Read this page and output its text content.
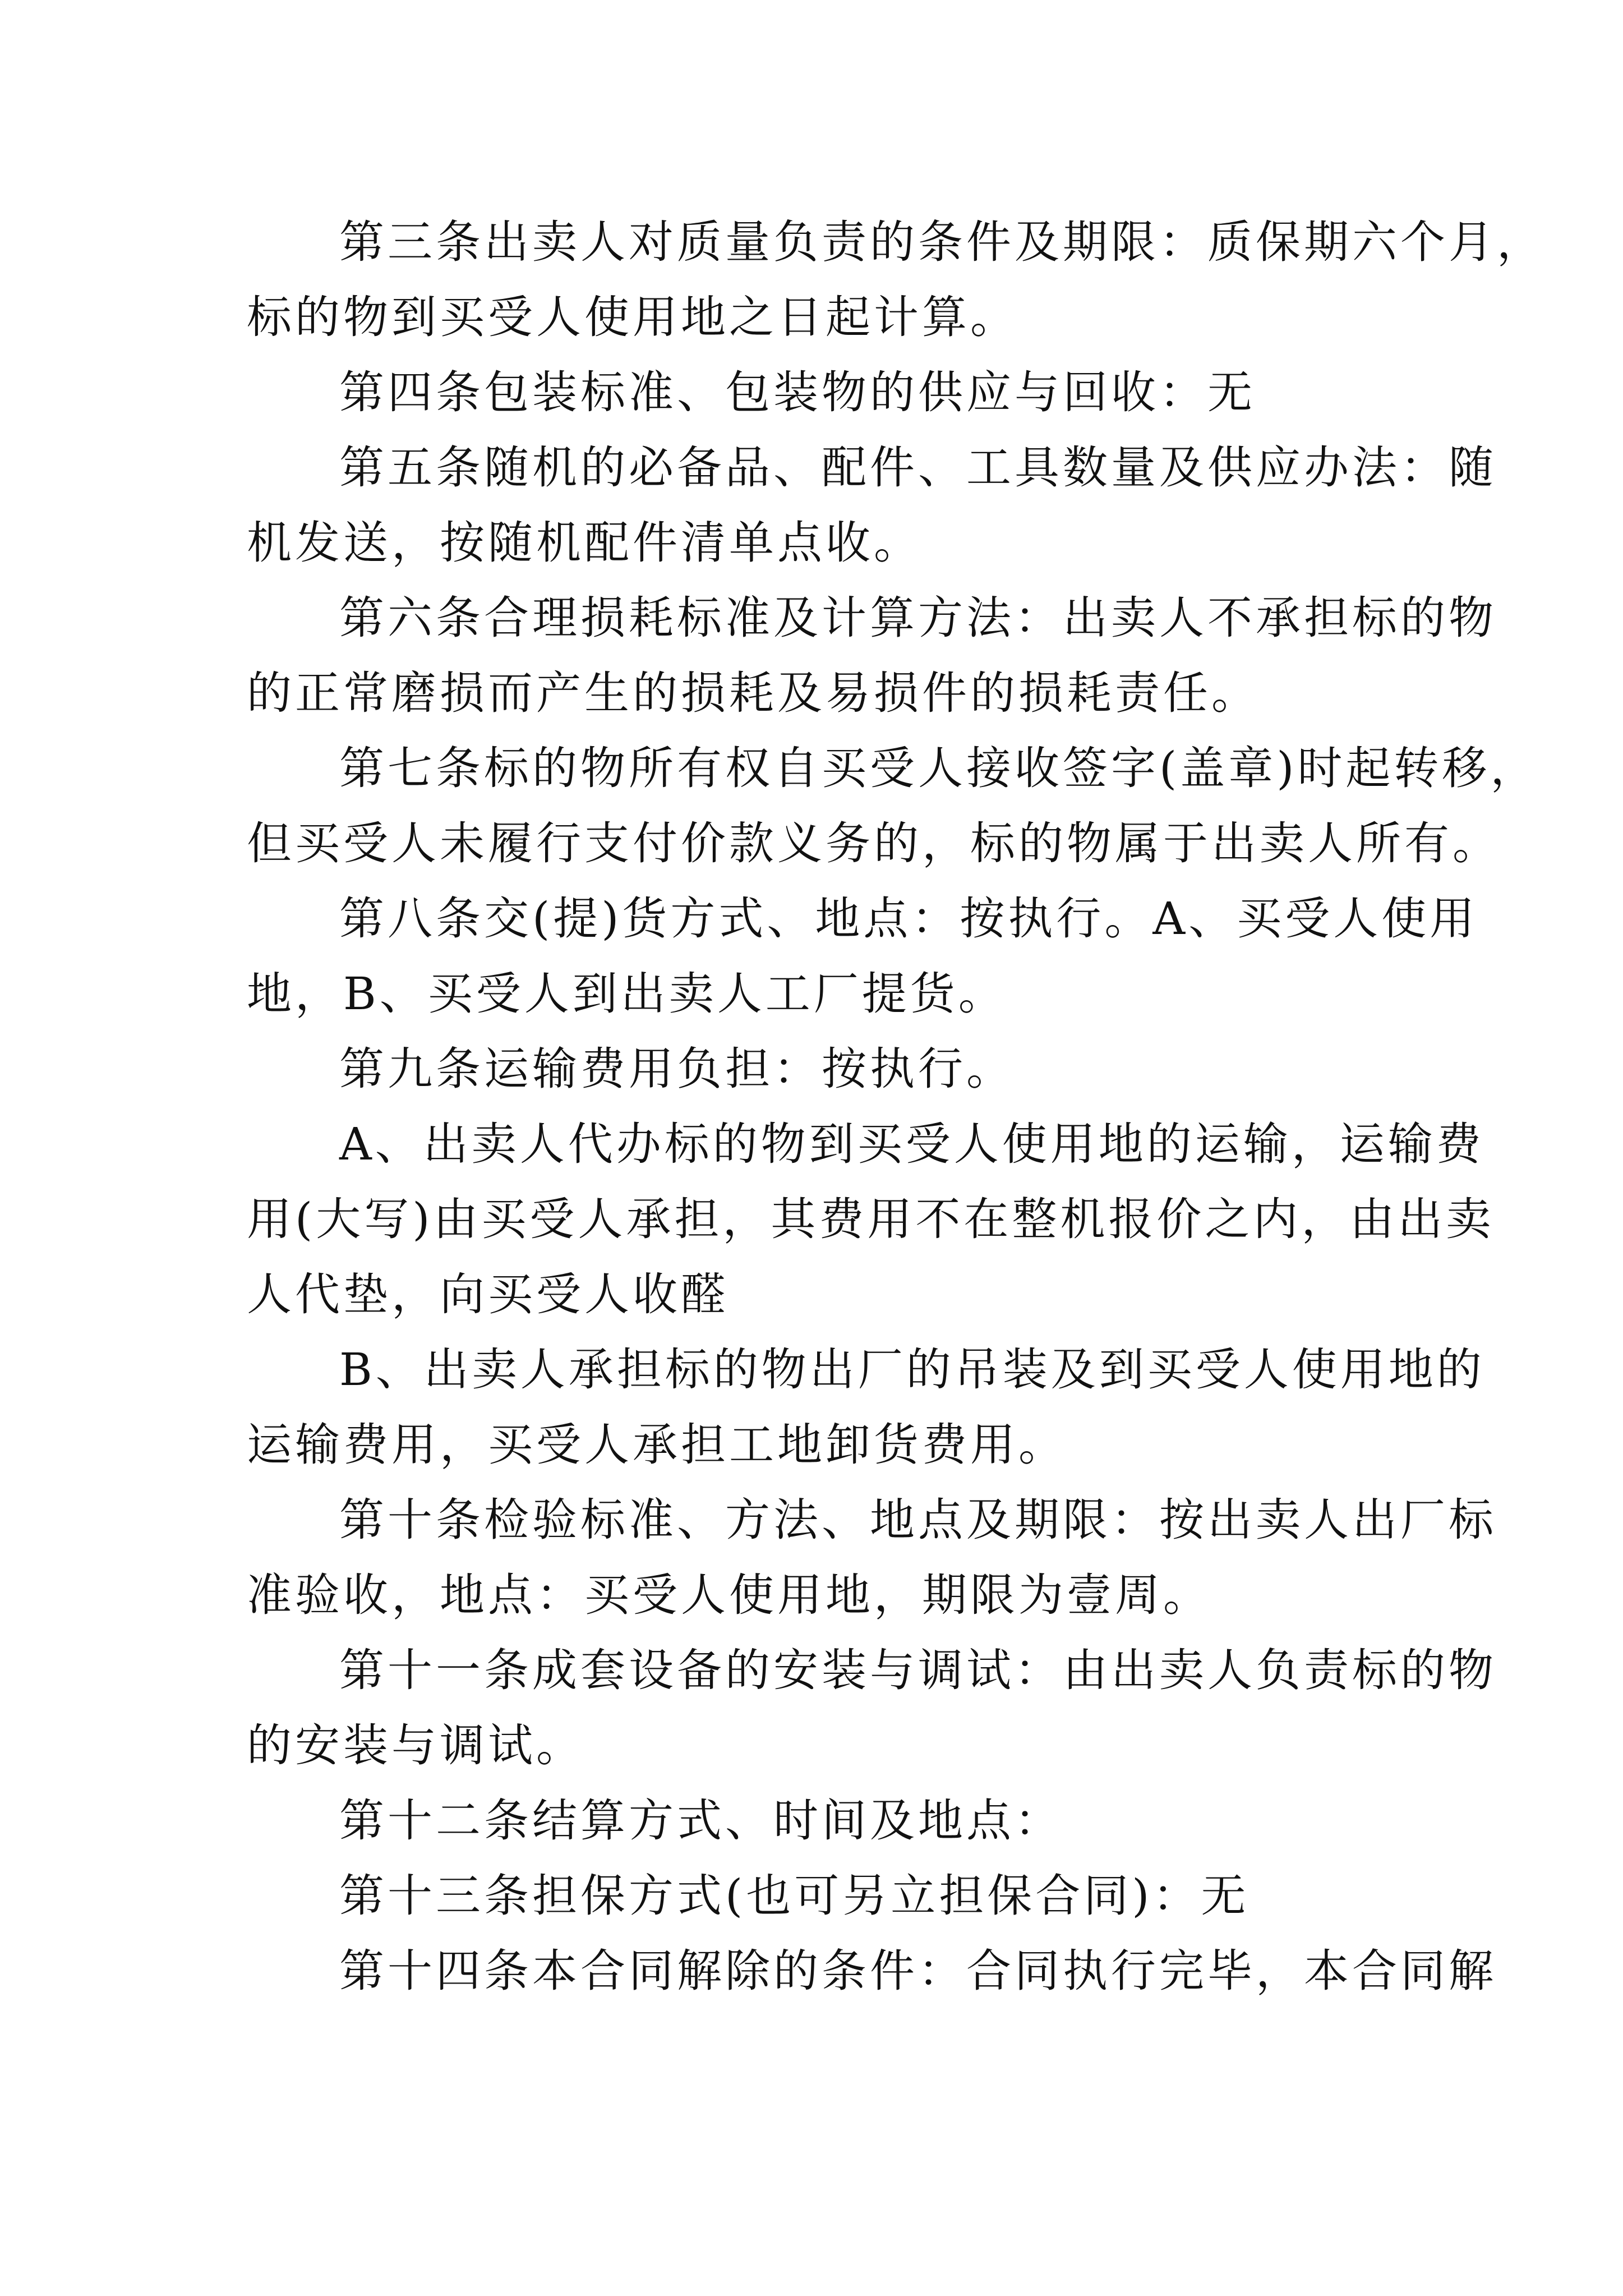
第三条出卖人对质量负责的条件及期限：质保期六个月，
标的物到买受人使用地之日起计算。
第四条包装标准、包装物的供应与回收：无
第五条随机的必备品、配件、工具数量及供应办法：随
机发送，按随机配件清单点收。
第六条合理损耗标准及计算方法：出卖人不承担标的物
的正常磨损而产生的损耗及易损件的损耗责任。
第七条标的物所有权自买受人接收签字(盖章)时起转移，
但买受人未履行支付价款义务的，标的物属于出卖人所有。
第八条交(提)货方式、地点：按执行。A、买受人使用
地，B、买受人到出卖人工厂提货。
第九条运输费用负担：按执行。
A、出卖人代办标的物到买受人使用地的运输，运输费
用(大写)由买受人承担，其费用不在整机报价之内，由出卖
人代垫，向买受人收醛
B、出卖人承担标的物出厂的吊装及到买受人使用地的
运输费用，买受人承担工地卸货费用。
第十条检验标准、方法、地点及期限：按出卖人出厂标
准验收，地点：买受人使用地，期限为壹周。
第十一条成套设备的安装与调试：由出卖人负责标的物
的安装与调试。
第十二条结算方式、时间及地点：
第十三条担保方式(也可另立担保合同)：无
第十四条本合同解除的条件：合同执行完毕，本合同解
